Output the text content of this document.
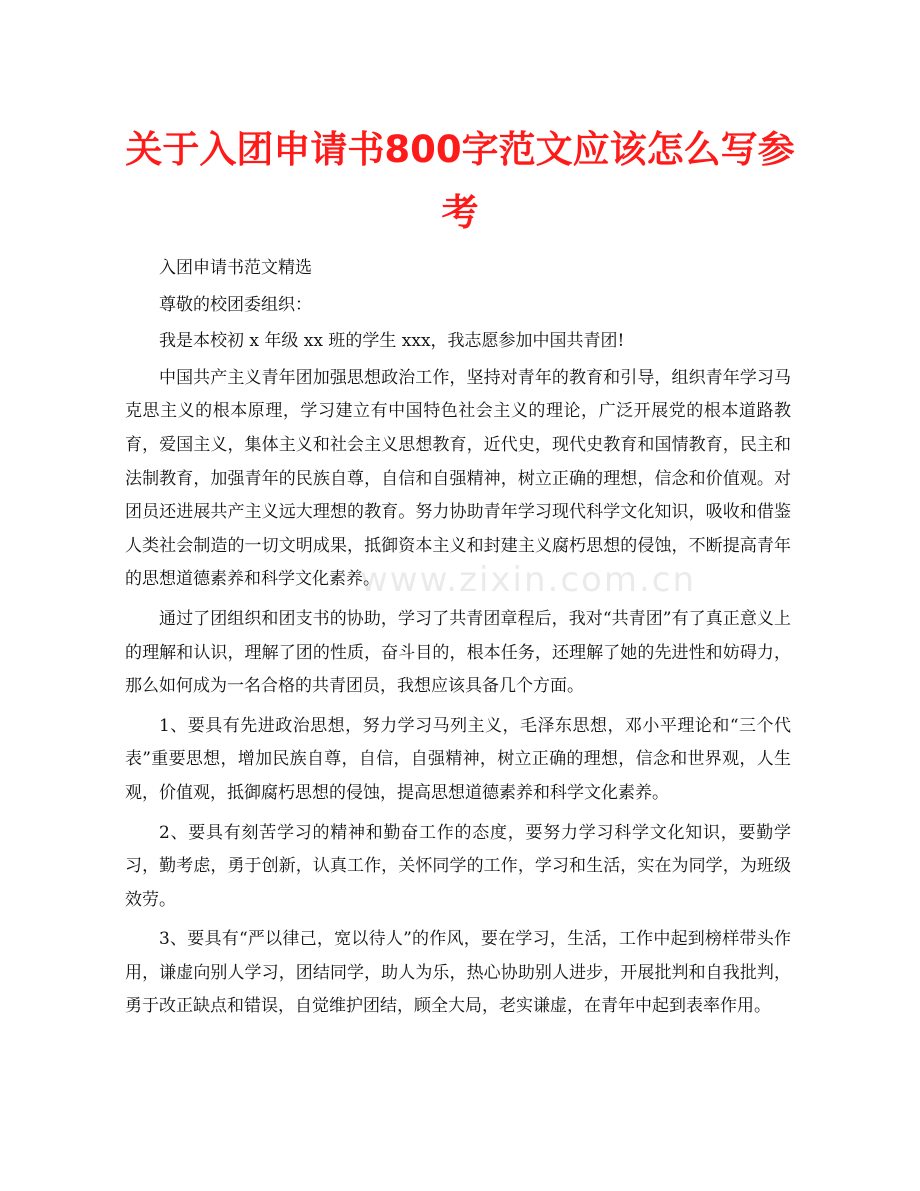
关于入团申请书800字范文应该怎么写参考
www.zixin.com.cn

入团申请书范文精选

尊敬的校团委组织：

我是本校初 x 年级 xx 班的学生 xxx，我志愿参加中国共青团!

中国共产主义青年团加强思想政治工作，坚持对青年的教育和引导，组织青年学习马克思主义的根本原理，学习建立有中国特色社会主义的理论，广泛开展党的根本道路教育，爱国主义，集体主义和社会主义思想教育，近代史，现代史教育和国情教育，民主和法制教育，加强青年的民族自尊，自信和自强精神，树立正确的理想，信念和价值观。对团员还进展共产主义远大理想的教育。努力协助青年学习现代科学文化知识，吸收和借鉴人类社会制造的一切文明成果，抵御资本主义和封建主义腐朽思想的侵蚀，不断提高青年的思想道德素养和科学文化素养。

通过了团组织和团支书的协助，学习了共青团章程后，我对“共青团”有了真正意义上的理解和认识，理解了团的性质，奋斗目的，根本任务，还理解了她的先进性和妨碍力，那么如何成为一名合格的共青团员，我想应该具备几个方面。

1、要具有先进政治思想，努力学习马列主义，毛泽东思想，邓小平理论和“三个代表”重要思想，增加民族自尊，自信，自强精神，树立正确的理想，信念和世界观，人生观，价值观，抵御腐朽思想的侵蚀，提高思想道德素养和科学文化素养。

2、要具有刻苦学习的精神和勤奋工作的态度，要努力学习科学文化知识，要勤学习，勤考虑，勇于创新，认真工作，关怀同学的工作，学习和生活，实在为同学，为班级效劳。

3、要具有“严以律己，宽以待人”的作风，要在学习，生活，工作中起到榜样带头作用，谦虚向别人学习，团结同学，助人为乐，热心协助别人进步，开展批判和自我批判，勇于改正缺点和错误，自觉维护团结，顾全大局，老实谦虚，在青年中起到表率作用。
